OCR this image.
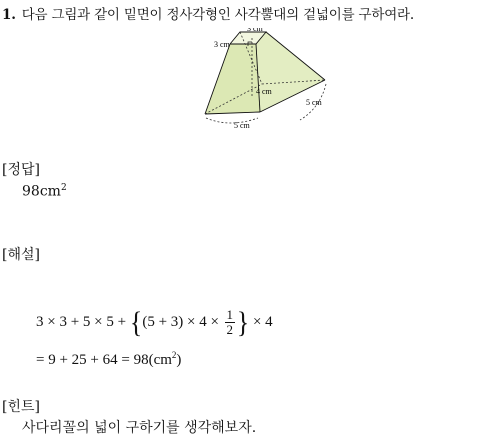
1. 다음 그림과 같이 밑면이 정사각형인 사각뿔대의 겉넓이를 구하여라.
3 cm
3 cm
4 cm
5 cm
5 cm
[정답]
$98cm^2$
[해설]
$3 \times 3 + 5 \times 5 + \{(5 + 3) \times 4 \times \frac{1}{2}$ } × 4
= $9 + 25 + 64 = 98(cm^2)$
[힌트]
사다리꼴의 넓이 구하기를 생각해보자.
